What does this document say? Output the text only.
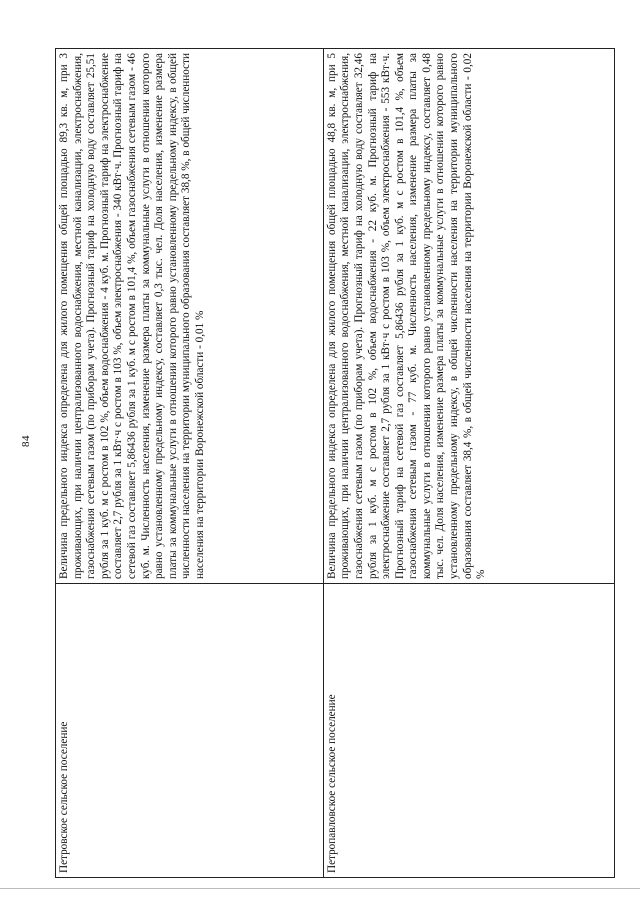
84
Петровское сельское поселение	Величина предельного индекса определена для жилого помещения общей площадью 89,3 кв. м, при 3 проживающих, при наличии централизованного водоснабжения, местной канализации, электроснабжения, газоснабжения сетевым газом (по приборам учета). Прогнозный тариф на холодную воду составляет 25,51 рубля за 1 куб. м с ростом в 102 %, объем водоснабжения - 4 куб. м. Прогнозный тариф на электроснабжение составляет 2,7 рубля за 1 кВт·ч с ростом в 103 %, объем электроснабжения - 340 кВт·ч. Прогнозный тариф на сетевой газ составляет 5,86436 рубля за 1 куб. м с ростом в 101,4 %, объем газоснабжения сетевым газом - 46 куб. м. Численность населения, изменение размера платы за коммунальные услуги в отношении которого равно установленному предельному индексу, составляет 0,3 тыс. чел. Доля населения, изменение размера платы за коммунальные услуги в отношении которого равно установленному предельному индексу, в общей численности населения на территории муниципального образования составляет 38,8 %, в общей численности населения на территории Воронежской области - 0,01 %
Петропавловское сельское поселение	Величина предельного индекса определена для жилого помещения общей площадью 48,8 кв. м, при 5 проживающих, при наличии централизованного водоснабжения, местной канализации, электроснабжения, газоснабжения сетевым газом (по приборам учета). Прогнозный тариф на холодную воду составляет 32,46 рубля за 1 куб. м с ростом в 102 %, объем водоснабжения - 22 куб. м. Прогнозный тариф на электроснабжение составляет 2,7 рубля за 1 кВт·ч с ростом в 103 %, объем электроснабжения - 553 кВт·ч. Прогнозный тариф на сетевой газ составляет 5,86436 рубля за 1 куб. м с ростом в 101,4 %, объем газоснабжения сетевым газом - 77 куб. м. Численность населения, изменение размера платы за коммунальные услуги в отношении которого равно установленному предельному индексу, составляет 0,48 тыс. чел. Доля населения, изменение размера платы за коммунальные услуги в отношении которого равно установленному предельному индексу, в общей численности населения на территории муниципального образования составляет 38,4 %, в общей численности населения на территории Воронежской области - 0,02 %
